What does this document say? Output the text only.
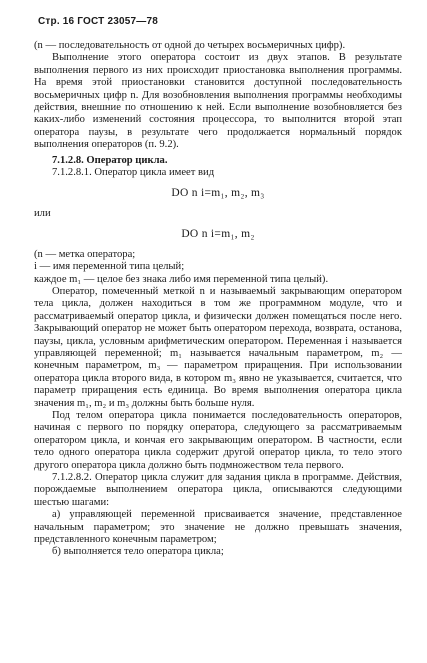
Стр. 16 ГОСТ 23057—78

(n — последовательность от одной до четырех восьмеричных цифр).

Выполнение этого оператора состоит из двух этапов. В результате выполнения первого из них происходит приостановка выполнения программы. На время этой приостановки становится доступной последовательность восьмеричных цифр n. Для возобновления выполнения программы необходимы действия, внешние по отношению к ней. Если выполнение возобновляется без каких-либо изменений состояния процессора, то выполнится второй этап оператора паузы, в результате чего продолжается нормальный порядок выполнения операторов (п. 9.2).

7.1.2.8. Оператор цикла.

7.1.2.8.1. Оператор цикла имеет вид

DO n i=m₁, m₂, m₃

или

DO n i=m₁, m₂

(n — метка оператора;

i — имя переменной типа целый;

каждое m₁ — целое без знака либо имя переменной типа целый).

Оператор, помеченный меткой n и называемый закрывающим оператором тела цикла, должен находиться в том же программном модуле, что и рассматриваемый оператор цикла, и физически должен помещаться после него. Закрывающий оператор не может быть оператором перехода, возврата, останова, паузы, цикла, условным арифметическим оператором. Переменная i называется управляющей переменной; m₁ называется начальным параметром, m₂ — конечным параметром, m₃ — параметром приращения. При использовании оператора цикла второго вида, в котором m₃ явно не указывается, считается, что параметр приращения есть единица. Во время выполнения оператора цикла значения m₁, m₂ и m₃ должны быть больше нуля.

Под телом оператора цикла понимается последовательность операторов, начиная с первого по порядку оператора, следующего за рассматриваемым оператором цикла, и кончая его закрывающим оператором. В частности, если тело одного оператора цикла содержит другой оператор цикла, то тело этого другого оператора цикла должно быть подмножеством тела первого.

7.1.2.8.2. Оператор цикла служит для задания цикла в программе. Действия, порождаемые выполнением оператора цикла, описываются следующими шестью шагами:

а) управляющей переменной присваивается значение, представленное начальным параметром; это значение не должно превышать значения, представленного конечным параметром;

б) выполняется тело оператора цикла;
